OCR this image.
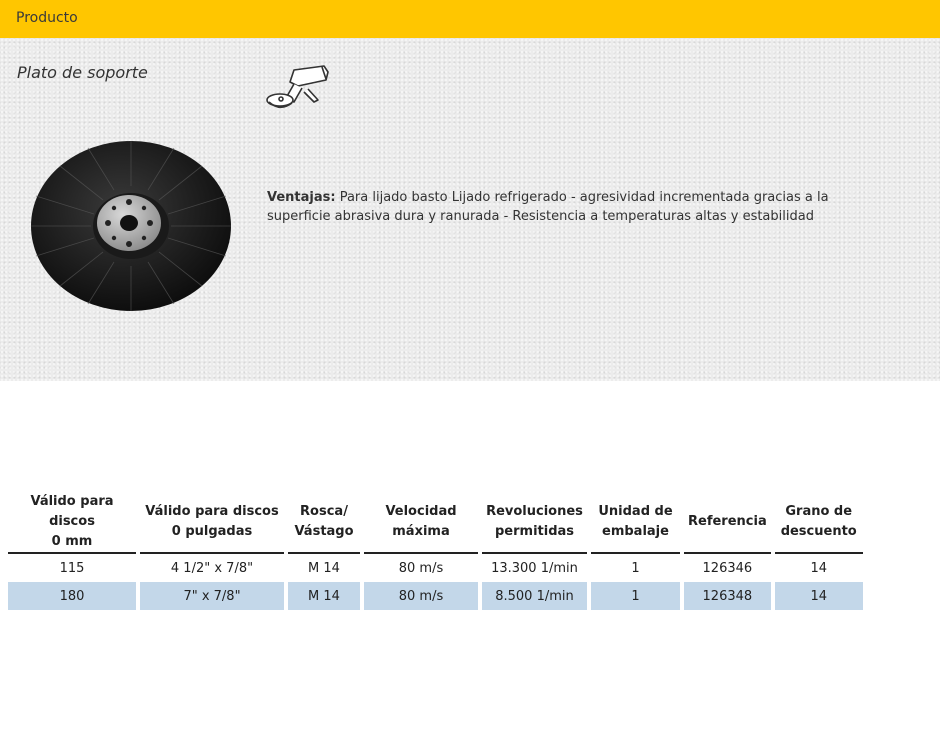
Producto
Plato de soporte
Ventajas: Para lijado basto Lijado refrigerado - agresividad incrementada gracias a la superficie abrasiva dura y ranurada - Resistencia a temperaturas altas y estabilidad
Válido para discos
0 mm	Válido para discos
0 pulgadas	Rosca/
Vástago	Velocidad
máxima	Revoluciones
permitidas	Unidad de
embalaje	Referencia	Grano de
descuento
115	4 1/2" x 7/8"	M 14	80 m/s	13.300 1/min	1	126346	14
180	7" x 7/8"	M 14	80 m/s	8.500 1/min	1	126348	14
